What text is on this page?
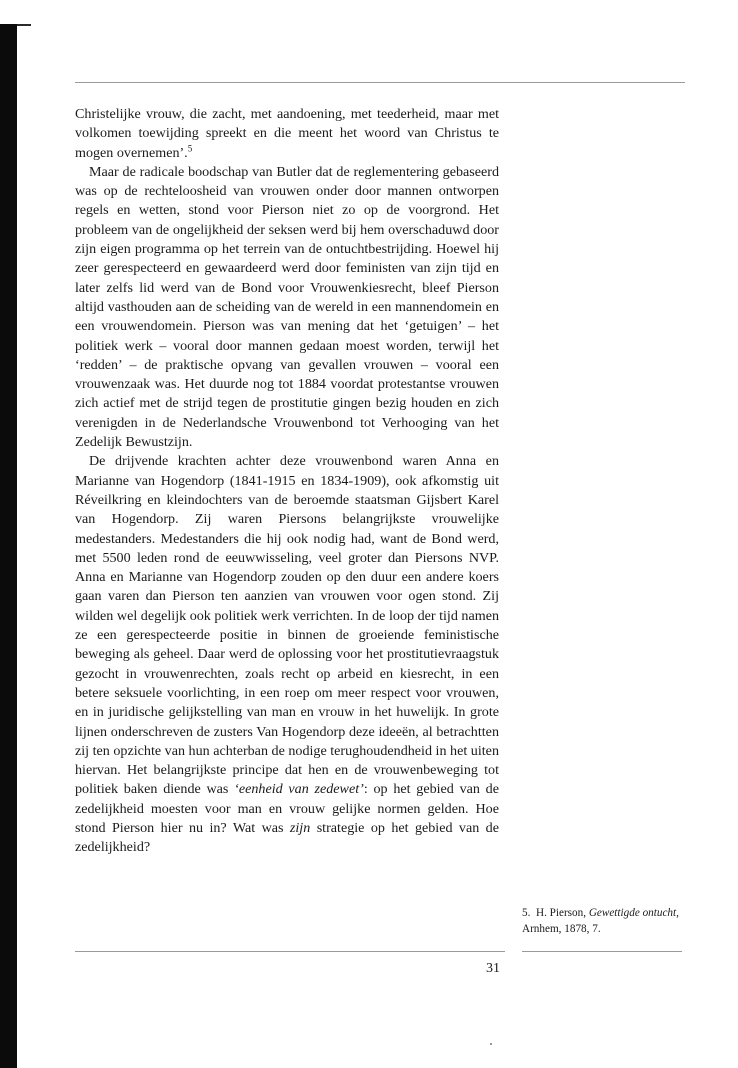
Christelijke vrouw, die zacht, met aandoening, met teederheid, maar met volkomen toewijding spreekt en die meent het woord van Christus te mogen overnemen’.$^5$

Maar de radicale boodschap van Butler dat de reglementering gebaseerd was op de rechteloosheid van vrouwen onder door mannen ontworpen regels en wetten, stond voor Pierson niet zo op de voorgrond. Het probleem van de ongelijkheid der seksen werd bij hem overschaduwd door zijn eigen programma op het terrein van de ontuchtbestrijding. Hoewel hij zeer gerespecteerd en gewaardeerd werd door feministen van zijn tijd en later zelfs lid werd van de Bond voor Vrouwenkiesrecht, bleef Pierson altijd vasthouden aan de scheiding van de wereld in een mannendomein en een vrouwendomein. Pierson was van mening dat het ‘getuigen’ – het politiek werk – vooral door mannen gedaan moest worden, terwijl het ‘redden’ – de praktische opvang van gevallen vrouwen – vooral een vrouwenzaak was. Het duurde nog tot 1884 voordat protestantse vrouwen zich actief met de strijd tegen de prostitutie gingen bezig houden en zich verenigden in de Nederlandsche Vrouwenbond tot Verhooging van het Zedelijk Bewustzijn.

De drijvende krachten achter deze vrouwenbond waren Anna en Marianne van Hogendorp (1841-1915 en 1834-1909), ook afkomstig uit Réveilkring en kleindochters van de beroemde staatsman Gijsbert Karel van Hogendorp. Zij waren Piersons belangrijkste vrouwelijke medestanders. Medestanders die hij ook nodig had, want de Bond werd, met 5500 leden rond de eeuwwisseling, veel groter dan Piersons NVP. Anna en Marianne van Hogendorp zouden op den duur een andere koers gaan varen dan Pierson ten aanzien van vrouwen voor ogen stond. Zij wilden wel degelijk ook politiek werk verrichten. In de loop der tijd namen ze een gerespecteerde positie in binnen de groeiende feministische beweging als geheel. Daar werd de oplossing voor het prostitutievraagstuk gezocht in vrouwenrechten, zoals recht op arbeid en kiesrecht, in een betere seksuele voorlichting, in een roep om meer respect voor vrouwen, en in juridische gelijkstelling van man en vrouw in het huwelijk. In grote lijnen onderschreven de zusters Van Hogendorp deze ideeën, al betrachtten zij ten opzichte van hun achterban de nodige terughoudendheid in het uiten hiervan. Het belangrijkste principe dat hen en de vrouwenbeweging tot politiek baken diende was ‘eenheid van zedewet’: op het gebied van de zedelijkheid moesten voor man en vrouw gelijke normen gelden. Hoe stond Pierson hier nu in? Wat was zijn strategie op het gebied van de zedelijkheid?

5. H. Pierson, Gewettigde ontucht, Arnhem, 1878, 7.
31
